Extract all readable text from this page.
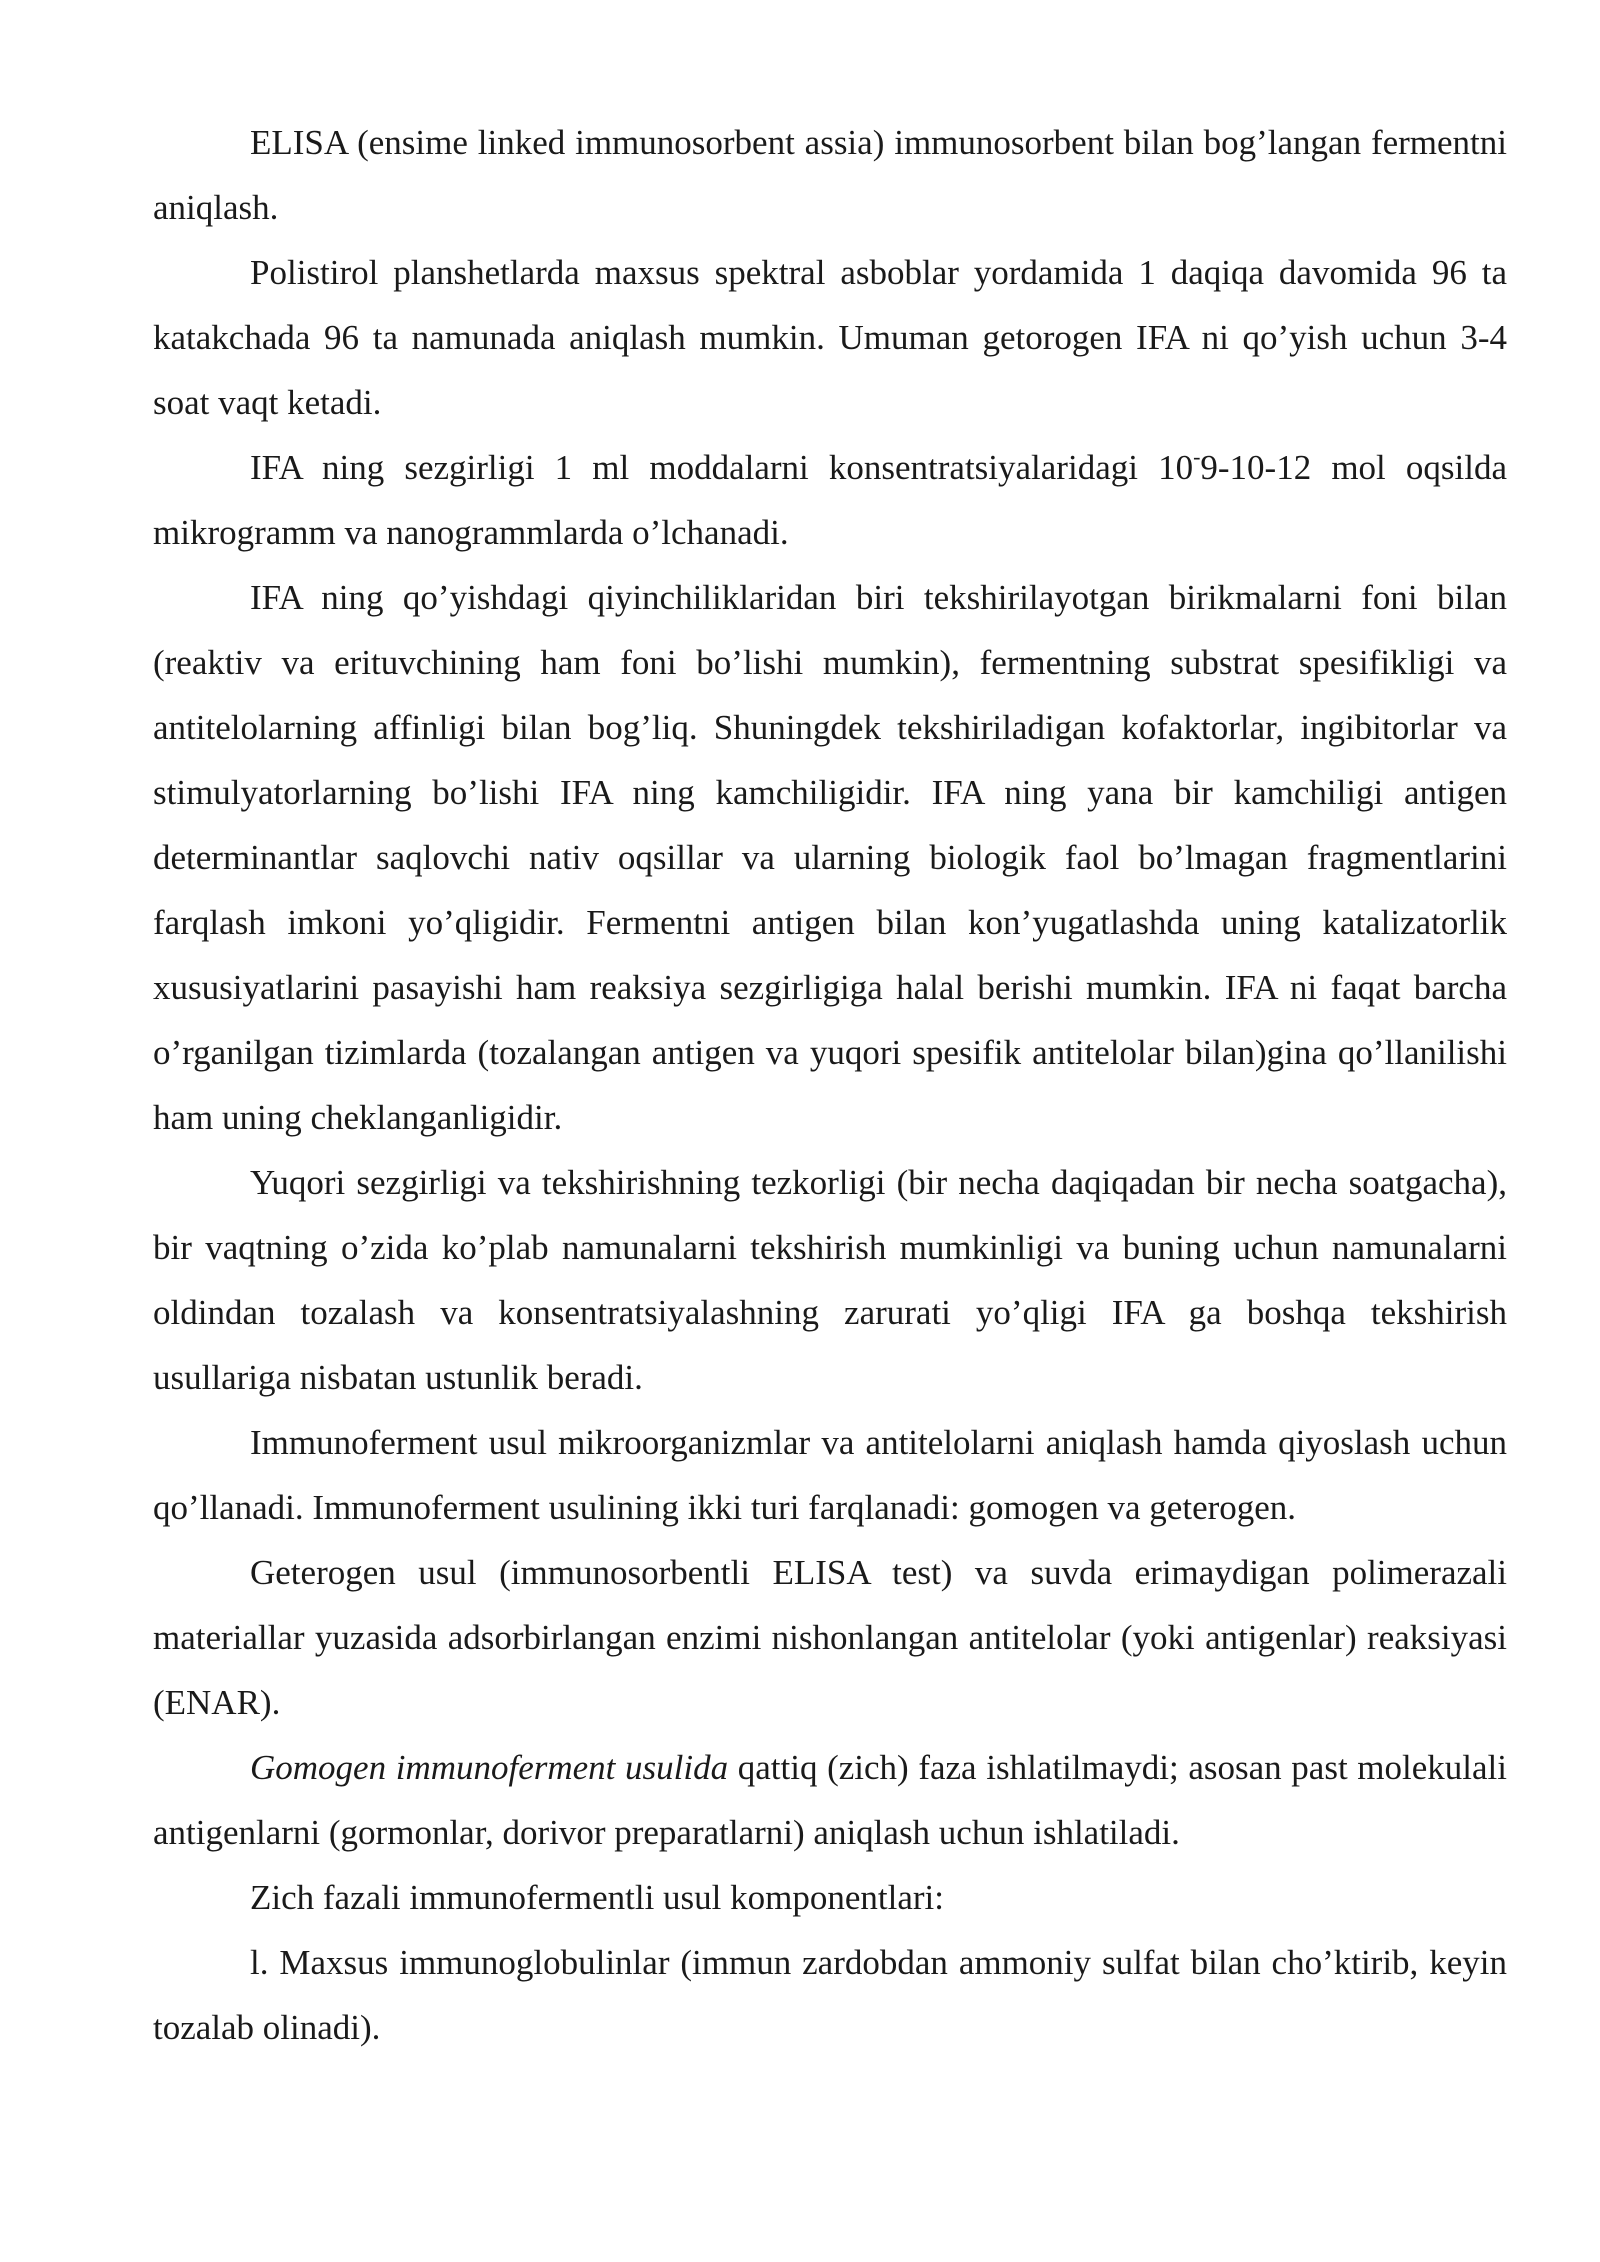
ELISA (ensime linked immunosorbent assia) immunosorbent bilan bog’langan fermentni aniqlash.

Polistirol planshetlarda maxsus spektral asboblar yordamida 1 daqiqa davomida 96 ta katakchada 96 ta namunada aniqlash mumkin. Umuman getorogen IFA ni qo’yish uchun 3-4 soat vaqt ketadi.

IFA ning sezgirligi 1 ml moddalarni konsentratsiyalaridagi 10-9-10-12 mol oqsilda mikrogramm va nanogrammlarda o’lchanadi.

IFA ning qo’yishdagi qiyinchiliklaridan biri tekshirilayotgan birikmalarni foni bilan (reaktiv va erituvchining ham foni bo’lishi mumkin), fermentning substrat spesifikligi va antitelolarning affinligi bilan bog’liq. Shuningdek tekshiriladigan kofaktorlar, ingibitorlar va stimulyatorlarning bo’lishi IFA ning kamchiligidir. IFA ning yana bir kamchiligi antigen determinantlar saqlovchi nativ oqsillar va ularning biologik faol bo’lmagan fragmentlarini farqlash imkoni yo’qligidir. Fermentni antigen bilan kon’yugatlashda uning katalizatorlik xususiyatlarini pasayishi ham reaksiya sezgirligiga halal berishi mumkin. IFA ni faqat barcha o’rganilgan tizimlarda (tozalangan antigen va yuqori spesifik antitelolar bilan)gina qo’llanilishi ham uning cheklanganligidir.

Yuqori sezgirligi va tekshirishning tezkorligi (bir necha daqiqadan bir necha soatgacha), bir vaqtning o’zida ko’plab namunalarni tekshirish mumkinligi va buning uchun namunalarni oldindan tozalash va konsentratsiyalashning zarurati yo’qligi IFA ga boshqa tekshirish usullariga nisbatan ustunlik beradi.

Immunoferment usul mikroorganizmlar va antitelolarni aniqlash hamda qiyoslash uchun qo’llanadi. Immunoferment usulining ikki turi farqlanadi: gomogen va geterogen.

Geterogen usul (immunosorbentli ELISA test) va suvda erimaydigan polimerazali materiallar yuzasida adsorbirlangan enzimi nishonlangan antitelolar (yoki antigenlar) reaksiyasi (ENAR).

Gomogen immunoferment usulida qattiq (zich) faza ishlatilmaydi; asosan past molekulali antigenlarni (gormonlar, dorivor preparatlarni) aniqlash uchun ishlatiladi.

Zich fazali immunofermentli usul komponentlari:

l. Maxsus immunoglobulinlar (immun zardobdan ammoniy sulfat bilan cho’ktirib, keyin tozalab olinadi).
